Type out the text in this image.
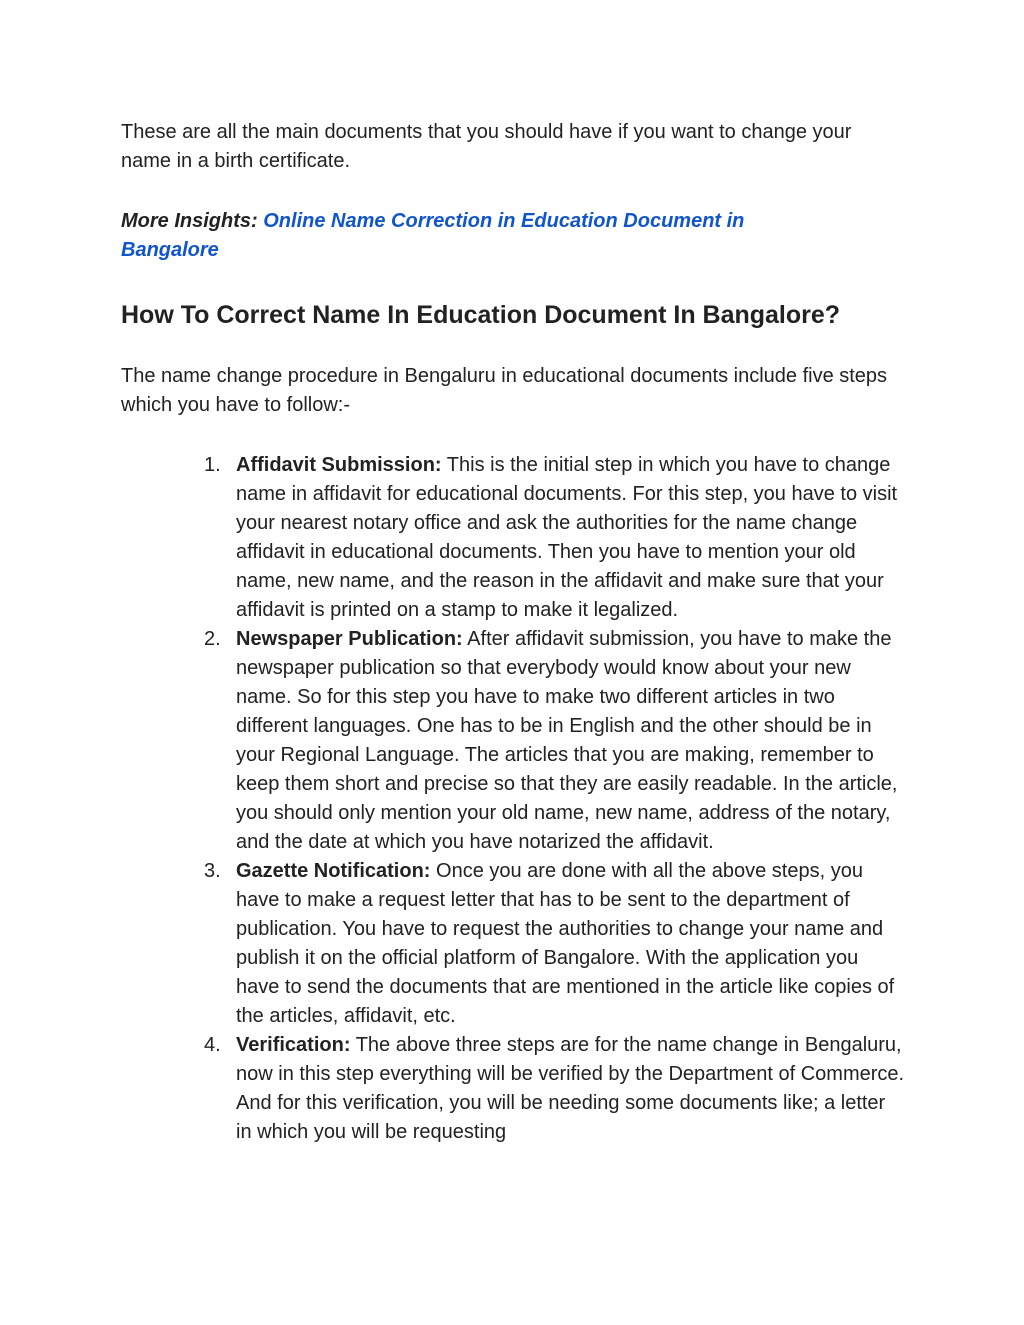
These are all the main documents that you should have if you want to change your name in a birth certificate.

More Insights: Online Name Correction in Education Document in Bangalore

How To Correct Name In Education Document In Bangalore?

The name change procedure in Bengaluru in educational documents include five steps which you have to follow:-

1. Affidavit Submission: This is the initial step in which you have to change name in affidavit for educational documents. For this step, you have to visit your nearest notary office and ask the authorities for the name change affidavit in educational documents. Then you have to mention your old name, new name, and the reason in the affidavit and make sure that your affidavit is printed on a stamp to make it legalized.
2. Newspaper Publication: After affidavit submission, you have to make the newspaper publication so that everybody would know about your new name. So for this step you have to make two different articles in two different languages. One has to be in English and the other should be in your Regional Language. The articles that you are making, remember to keep them short and precise so that they are easily readable. In the article, you should only mention your old name, new name, address of the notary, and the date at which you have notarized the affidavit.
3. Gazette Notification: Once you are done with all the above steps, you have to make a request letter that has to be sent to the department of publication. You have to request the authorities to change your name and publish it on the official platform of Bangalore. With the application you have to send the documents that are mentioned in the article like copies of the articles, affidavit, etc.
4. Verification: The above three steps are for the name change in Bengaluru, now in this step everything will be verified by the Department of Commerce. And for this verification, you will be needing some documents like; a letter in which you will be requesting
